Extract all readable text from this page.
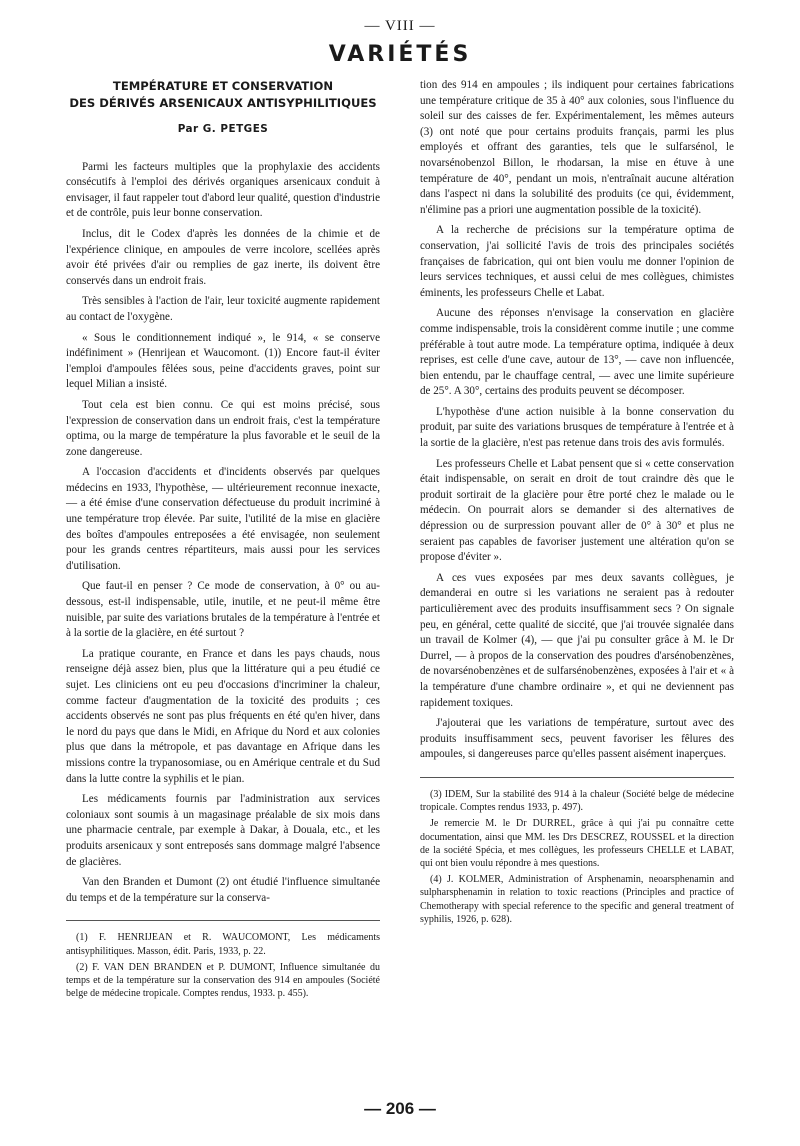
— VIII —
VARIÉTÉS
TEMPÉRATURE ET CONSERVATION
DES DÉRIVÉS ARSENICAUX ANTISYPHILITIQUES
Par G. PETGES

Parmi les facteurs multiples que la prophylaxie des accidents consécutifs à l'emploi des dérivés organiques arsenicaux conduit à envisager, il faut rappeler tout d'abord leur qualité, question d'industrie et de contrôle, puis leur bonne conservation.

Inclus, dit le Codex d'après les données de la chimie et de l'expérience clinique, en ampoules de verre incolore, scellées après avoir été privées d'air ou remplies de gaz inerte, ils doivent être conservés dans un endroit frais.

Très sensibles à l'action de l'air, leur toxicité augmente rapidement au contact de l'oxygène.

« Sous le conditionnement indiqué », le 914, « se conserve indéfiniment » (Henrijean et Waucomont. (1)) Encore faut-il éviter l'emploi d'ampoules fêlées sous, peine d'accidents graves, point sur lequel Milian a insisté.

Tout cela est bien connu. Ce qui est moins précisé, sous l'expression de conservation dans un endroit frais, c'est la température optima, ou la marge de température la plus favorable et le seuil de la zone dangereuse.

A l'occasion d'accidents et d'incidents observés par quelques médecins en 1933, l'hypothèse, — ultérieurement reconnue inexacte, — a été émise d'une conservation défectueuse du produit incriminé à une température trop élevée. Par suite, l'utilité de la mise en glacière des boîtes d'ampoules entreposées a été envisagée, non seulement pour les grands centres répartiteurs, mais aussi pour les services d'utilisation.

Que faut-il en penser ? Ce mode de conservation, à 0° ou au-dessous, est-il indispensable, utile, inutile, et ne peut-il même être nuisible, par suite des variations brutales de la température à l'entrée et à la sortie de la glacière, en été surtout ?

La pratique courante, en France et dans les pays chauds, nous renseigne déjà assez bien, plus que la littérature qui a peu étudié ce sujet. Les cliniciens ont eu peu d'occasions d'incriminer la chaleur, comme facteur d'augmentation de la toxicité des produits ; ces accidents observés ne sont pas plus fréquents en été qu'en hiver, dans le nord du pays que dans le Midi, en Afrique du Nord et aux colonies plus que dans la métropole, et pas davantage en Afrique dans les missions contre la trypanosomiase, ou en Amérique centrale et du Sud dans la lutte contre la syphilis et le pian.

Les médicaments fournis par l'administration aux services coloniaux sont soumis à un magasinage préalable de six mois dans une pharmacie centrale, par exemple à Dakar, à Douala, etc., et les produits arsenicaux y sont entreposés sans dommage malgré l'absence de glacières.

Van den Branden et Dumont (2) ont étudié l'influence simultanée du temps et de la température sur la conserva-

(1) F. HENRIJEAN et R. WAUCOMONT, Les médicaments antisyphilitiques. Masson, édit. Paris, 1933, p. 22.

(2) F. VAN DEN BRANDEN et P. DUMONT, Influence simultanée du temps et de la température sur la conservation des 914 en ampoules (Société belge de médecine tropicale. Comptes rendus, 1933. p. 455).

tion des 914 en ampoules ; ils indiquent pour certaines fabrications une température critique de 35 à 40° aux colonies, sous l'influence du soleil sur des caisses de fer. Expérimentalement, les mêmes auteurs (3) ont noté que pour certains produits français, parmi les plus employés et offrant des garanties, tels que le sulfarsénol, le novarsénobenzol Billon, le rhodarsan, la mise en étuve à une température de 40°, pendant un mois, n'entraînait aucune altération dans l'aspect ni dans la solubilité des produits (ce qui, évidemment, n'élimine pas a priori une augmentation possible de la toxicité).

A la recherche de précisions sur la température optima de conservation, j'ai sollicité l'avis de trois des principales sociétés françaises de fabrication, qui ont bien voulu me donner l'opinion de leurs services techniques, et aussi celui de mes collègues, chimistes éminents, les professeurs Chelle et Labat.

Aucune des réponses n'envisage la conservation en glacière comme indispensable, trois la considèrent comme inutile ; une comme préférable à tout autre mode. La température optima, indiquée à deux reprises, est celle d'une cave, autour de 13°, — cave non influencée, bien entendu, par le chauffage central, — avec une limite supérieure de 25°. A 30°, certains des produits peuvent se décomposer.

L'hypothèse d'une action nuisible à la bonne conservation du produit, par suite des variations brusques de température à l'entrée et à la sortie de la glacière, n'est pas retenue dans trois des avis formulés.

Les professeurs Chelle et Labat pensent que si « cette conservation était indispensable, on serait en droit de tout craindre dès que le produit sortirait de la glacière pour être porté chez le malade ou le médecin. On pourrait alors se demander si des alternatives de dépression ou de surpression pouvant aller de 0° à 30° et plus ne seraient pas capables de favoriser justement une altération qu'on se propose d'éviter ».

A ces vues exposées par mes deux savants collègues, je demanderai en outre si les variations ne seraient pas à redouter particulièrement avec des produits insuffisamment secs ? On signale peu, en général, cette qualité de siccité, que j'ai trouvée signalée dans un travail de Kolmer (4), — que j'ai pu consulter grâce à M. le Dr Durrel, — à propos de la conservation des poudres d'arsénobenzènes, de novarsénobenzènes et de sulfarsénobenzènes, exposées à l'air et « à la température d'une chambre ordinaire », et qui ne deviennent pas rapidement toxiques.

J'ajouterai que les variations de température, surtout avec des produits insuffisamment secs, peuvent favoriser les fêlures des ampoules, si dangereuses parce qu'elles passent aisément inaperçues.

(3) IDEM, Sur la stabilité des 914 à la chaleur (Société belge de médecine tropicale. Comptes rendus 1933, p. 497).

Je remercie M. le Dr DURREL, grâce à qui j'ai pu connaître cette documentation, ainsi que MM. les Drs DESCREZ, ROUSSEL et la direction de la société Spécia, et mes collègues, les professeurs CHELLE et LABAT, qui ont bien voulu répondre à mes questions.

(4) J. KOLMER, Administration of Arsphenamin, neoarsphenamin and sulpharsphenamin in relation to toxic reactions (Principles and practice of Chemotherapy with special reference to the specific and general treatment of syphilis, 1926, p. 628).

— 206 —
